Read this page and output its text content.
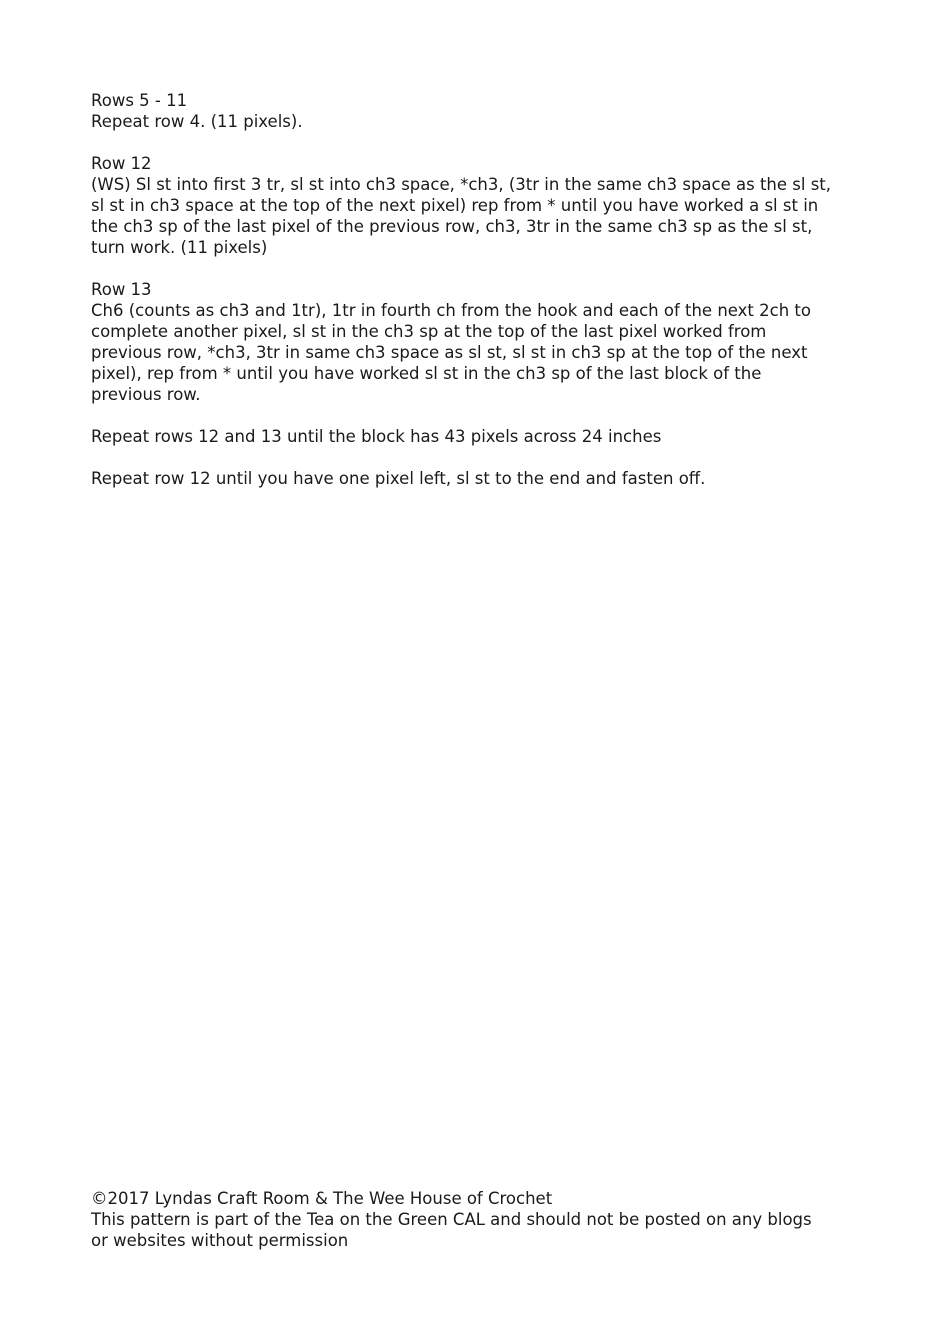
Rows 5 - 11

Repeat row 4. (11 pixels).

Row 12

(WS) Sl st into first 3 tr, sl st into ch3 space, *ch3, (3tr in the same ch3 space as the sl st,

sl st in ch3 space at the top of the next pixel) rep from * until you have worked a sl st in

the ch3 sp of the last pixel of the previous row, ch3, 3tr in the same ch3 sp as the sl st,

turn work. (11 pixels)

Row 13

Ch6 (counts as ch3 and 1tr), 1tr in fourth ch from the hook and each of the next 2ch to

complete another pixel, sl st in the ch3 sp at the top of the last pixel worked from

previous row, *ch3, 3tr in same ch3 space as sl st, sl st in ch3 sp at the top of the next

pixel), rep from * until you have worked sl st in the ch3 sp of the last block of the

previous row.

Repeat rows 12 and 13 until the block has 43 pixels across 24 inches

Repeat row 12 until you have one pixel left, sl st to the end and fasten off.

©2017 Lyndas Craft Room & The Wee House of Crochet

This pattern is part of the Tea on the Green CAL and should not be posted on any blogs

or websites without permission
